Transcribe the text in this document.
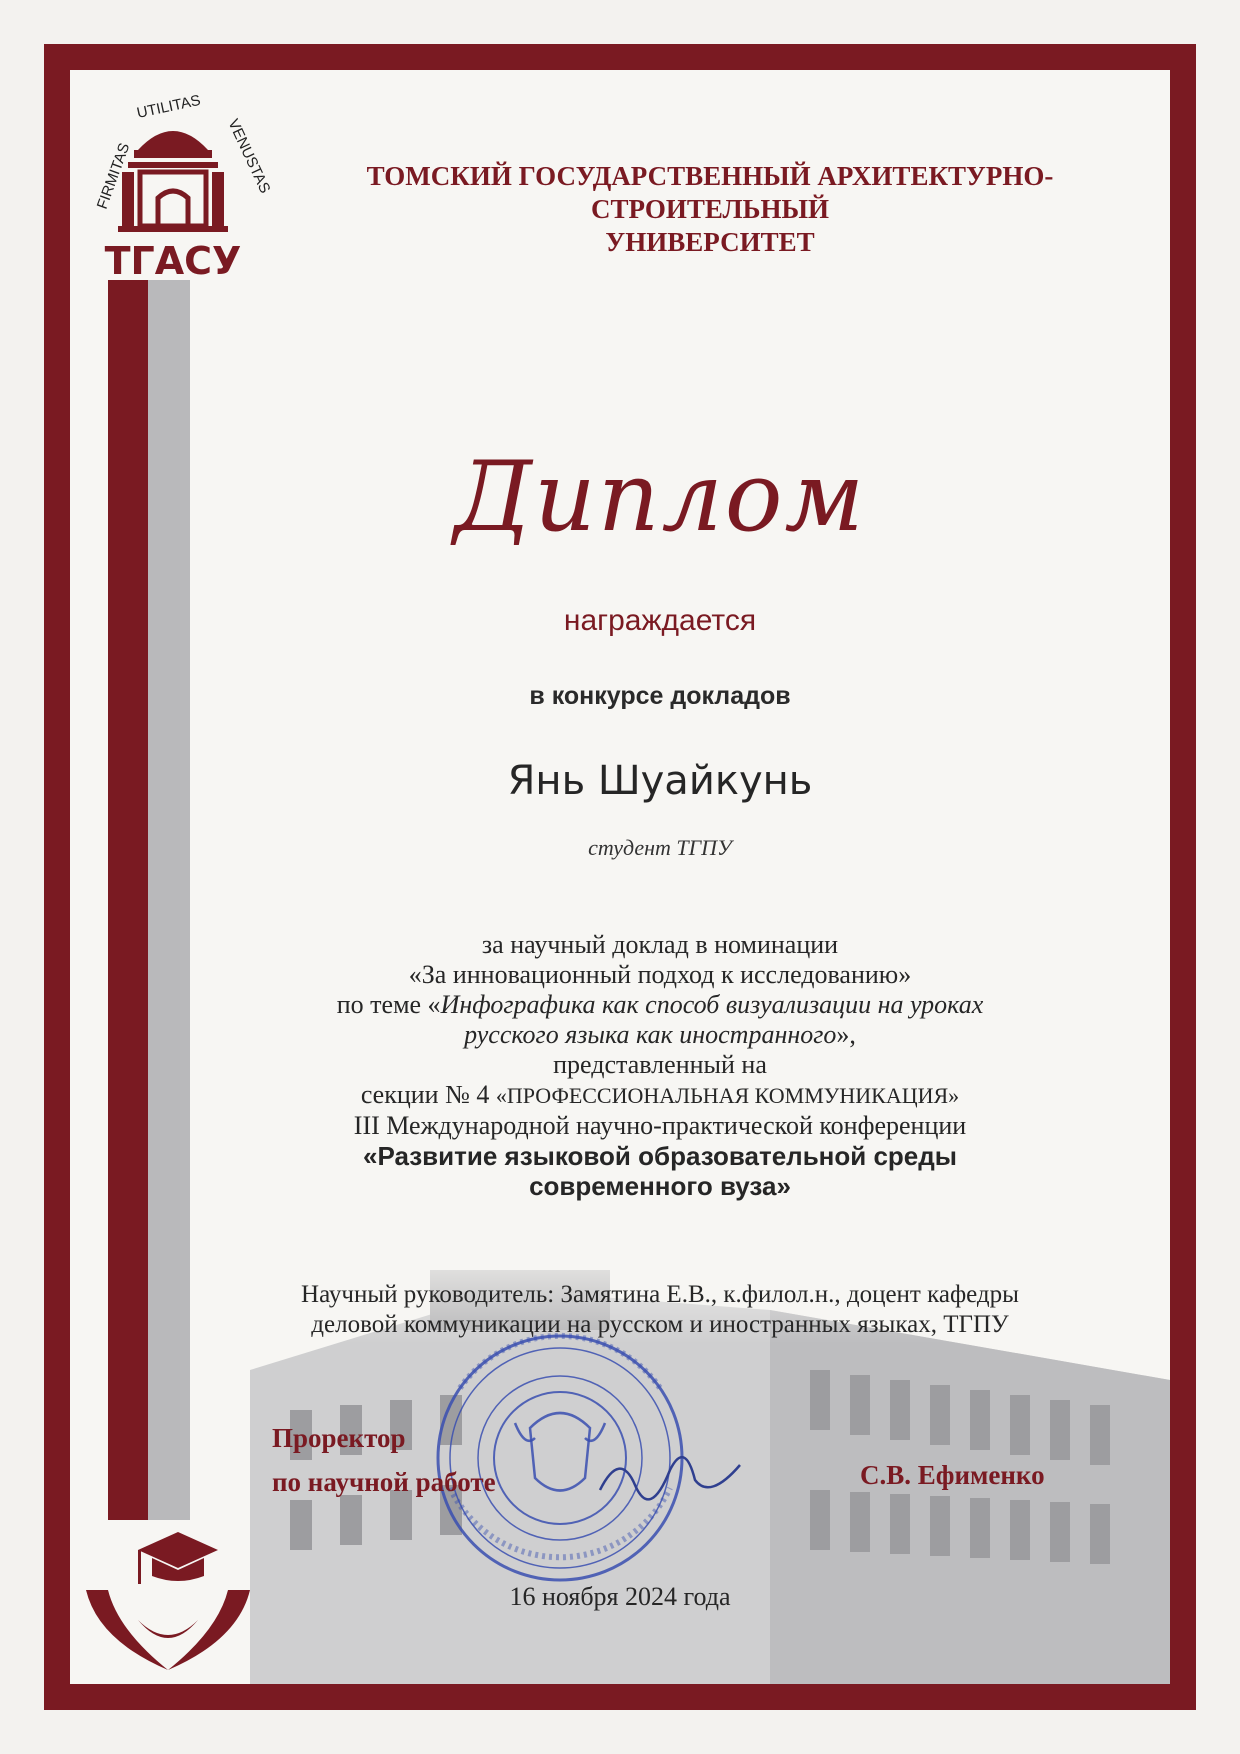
FIRMITAS
UTILITAS
VENUSTAS
ТГАСУ
ТОМСКИЙ ГОСУДАРСТВЕННЫЙ АРХИТЕКТУРНО-СТРОИТЕЛЬНЫЙ
УНИВЕРСИТЕТ
Диплом
награждается
в конкурсе докладов
Янь Шуайкунь
студент ТГПУ
за научный доклад в номинации
«За инновационный подход к исследованию»
по теме «Инфографика как способ визуализации на уроках
русского языка как иностранного»,
представленный на
секции № 4 «ПРОФЕССИОНАЛЬНАЯ КОММУНИКАЦИЯ»
III Международной научно-практической конференции
«Развитие языковой образовательной среды
современного вуза»
Научный руководитель: Замятина Е.В., к.филол.н., доцент кафедры
деловой коммуникации на русском и иностранных языках, ТГПУ
Проректор
по научной работе	С.В. Ефименко
16 ноября 2024 года
